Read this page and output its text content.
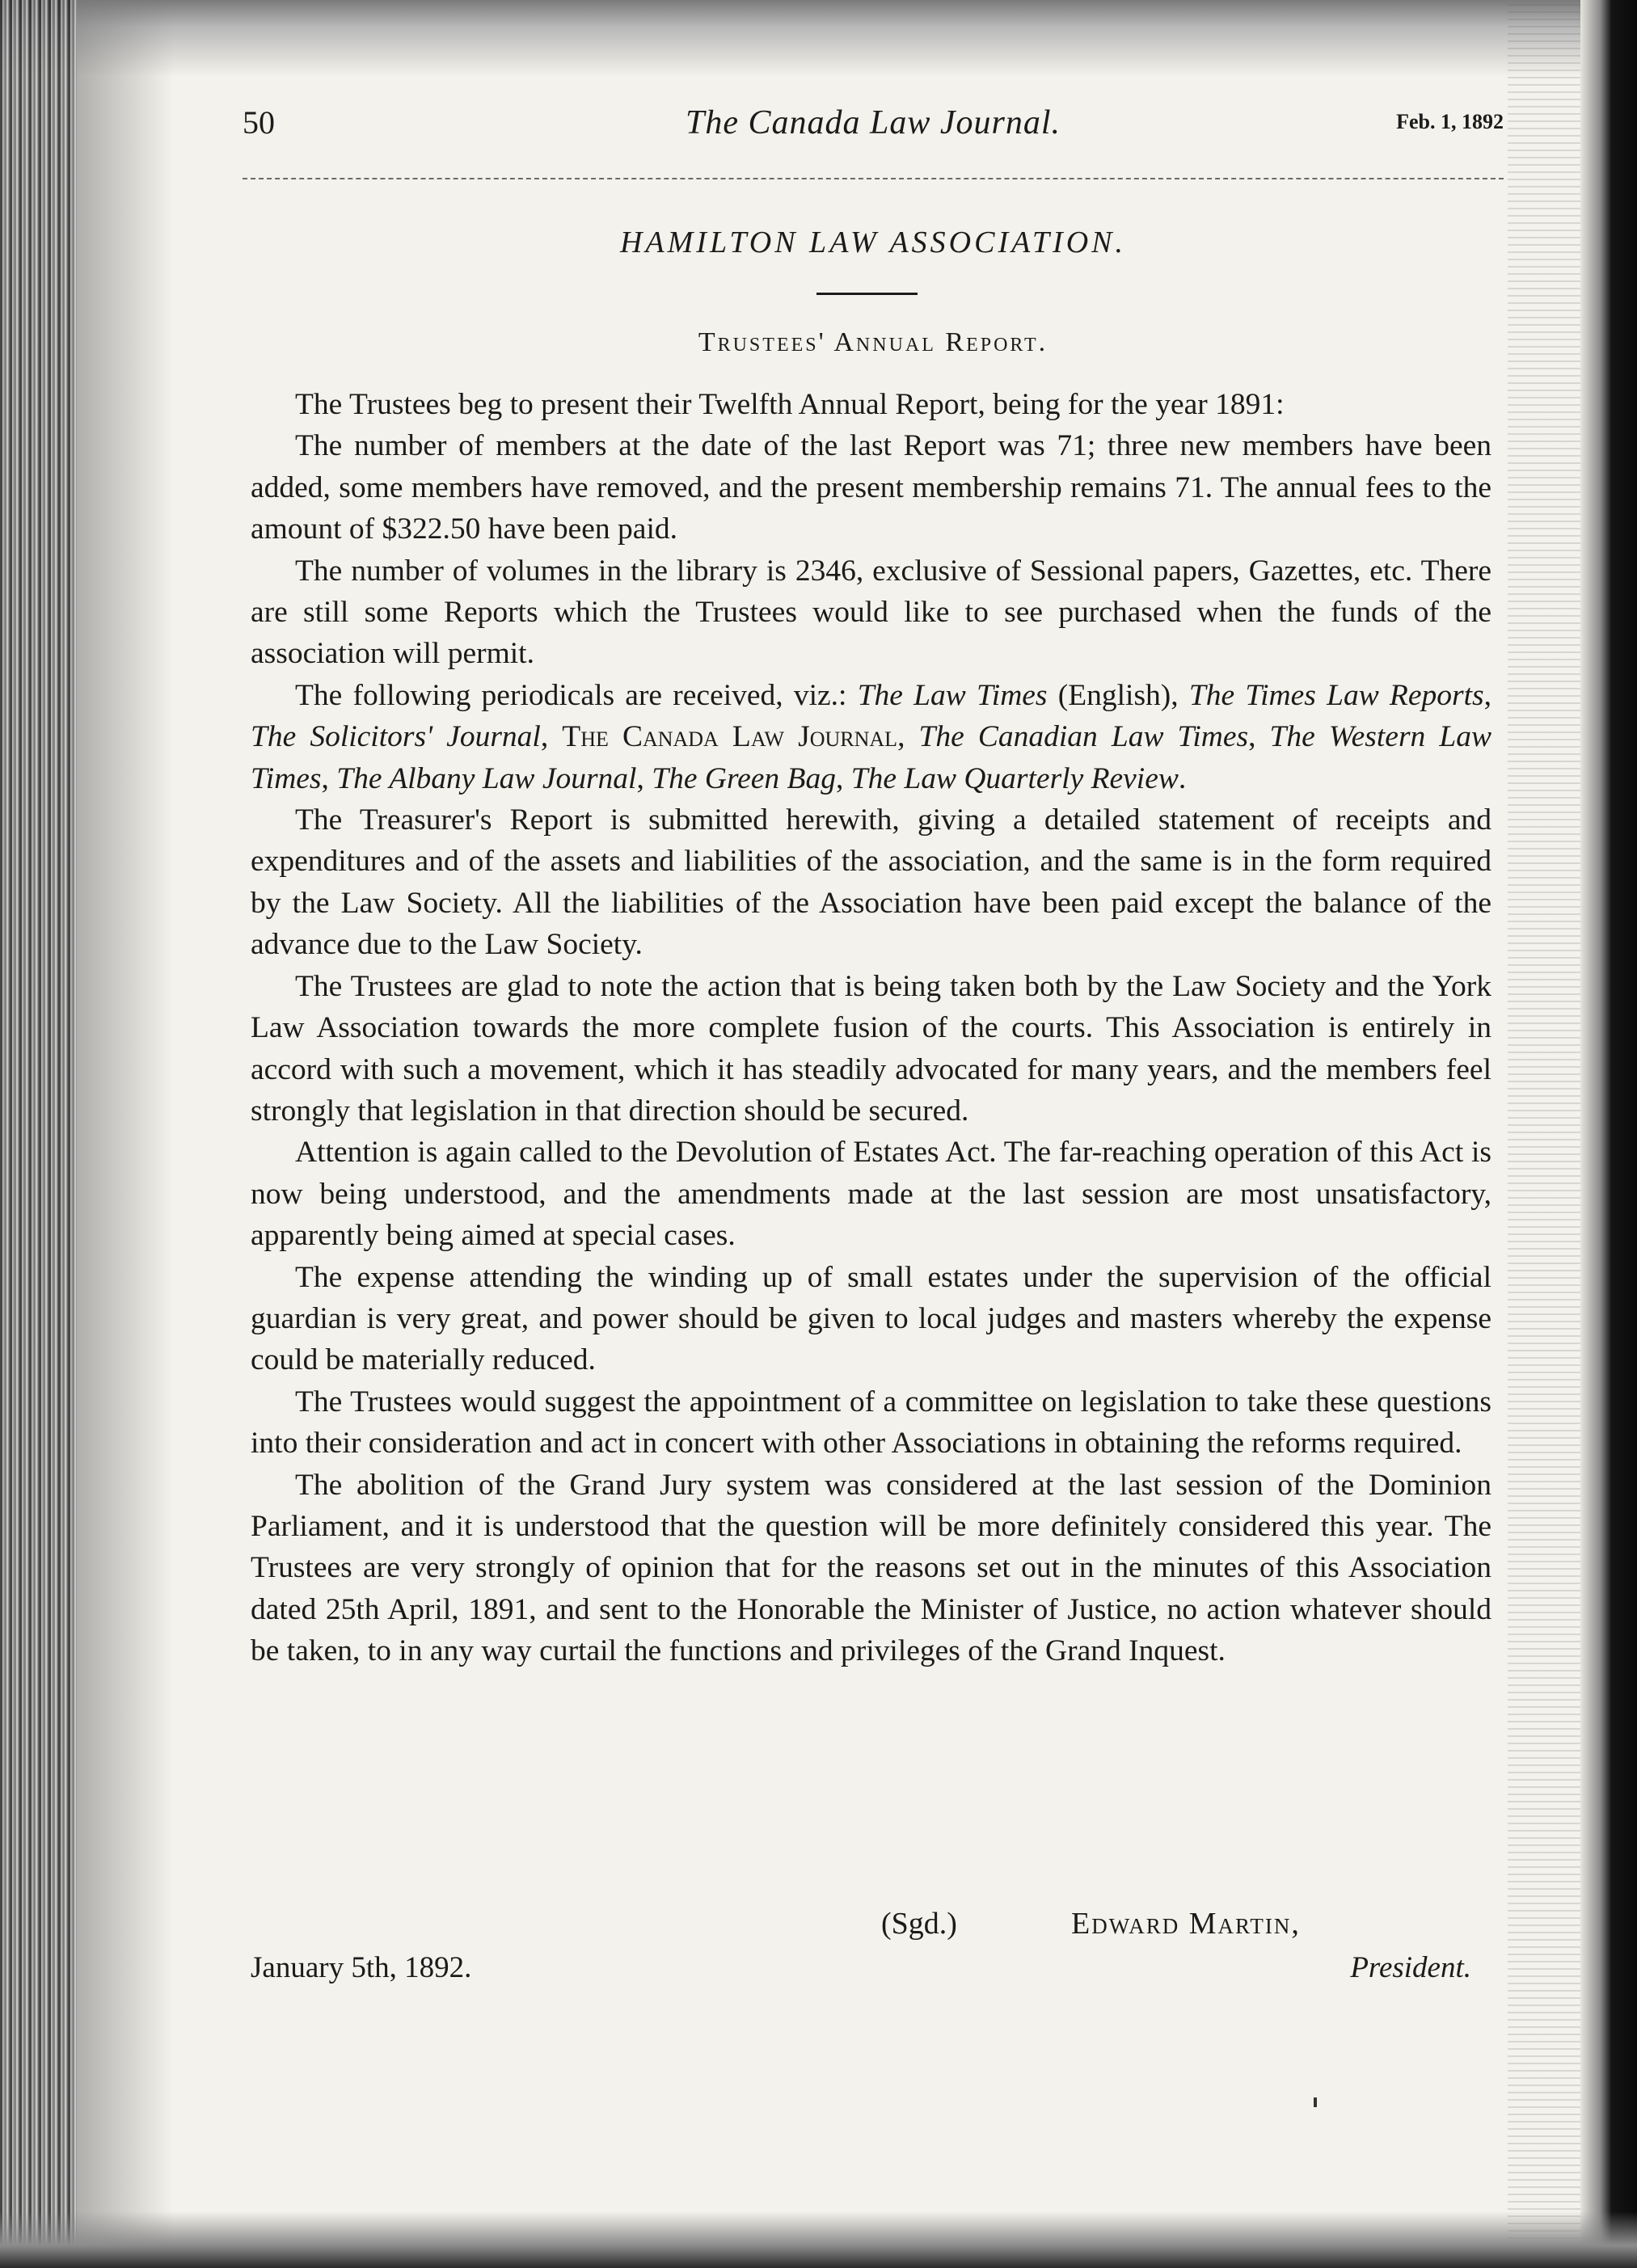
50	The Canada Law Journal.	Feb. 1, 1892
HAMILTON LAW ASSOCIATION.
Trustees' Annual Report.

The Trustees beg to present their Twelfth Annual Report, being for the year 1891:

The number of members at the date of the last Report was 71; three new members have been added, some members have removed, and the present membership remains 71. The annual fees to the amount of $322.50 have been paid.

The number of volumes in the library is 2346, exclusive of Sessional papers, Gazettes, etc. There are still some Reports which the Trustees would like to see purchased when the funds of the association will permit.

The following periodicals are received, viz.: The Law Times (English), The Times Law Reports, The Solicitors' Journal, The Canada Law Journal, The Canadian Law Times, The Western Law Times, The Albany Law Journal, The Green Bag, The Law Quarterly Review.

The Treasurer's Report is submitted herewith, giving a detailed statement of receipts and expenditures and of the assets and liabilities of the association, and the same is in the form required by the Law Society. All the liabilities of the Association have been paid except the balance of the advance due to the Law Society.

The Trustees are glad to note the action that is being taken both by the Law Society and the York Law Association towards the more complete fusion of the courts. This Association is entirely in accord with such a movement, which it has steadily advocated for many years, and the members feel strongly that legislation in that direction should be secured.

Attention is again called to the Devolution of Estates Act. The far-reaching operation of this Act is now being understood, and the amendments made at the last session are most unsatisfactory, apparently being aimed at special cases.

The expense attending the winding up of small estates under the supervision of the official guardian is very great, and power should be given to local judges and masters whereby the expense could be materially reduced.

The Trustees would suggest the appointment of a committee on legislation to take these questions into their consideration and act in concert with other Associations in obtaining the reforms required.

The abolition of the Grand Jury system was considered at the last session of the Dominion Parliament, and it is understood that the question will be more definitely considered this year. The Trustees are very strongly of opinion that for the reasons set out in the minutes of this Association dated 25th April, 1891, and sent to the Honorable the Minister of Justice, no action whatever should be taken, to in any way curtail the functions and privileges of the Grand Inquest.

(Sgd.)	Edward Martin,
January 5th, 1892.	President.
